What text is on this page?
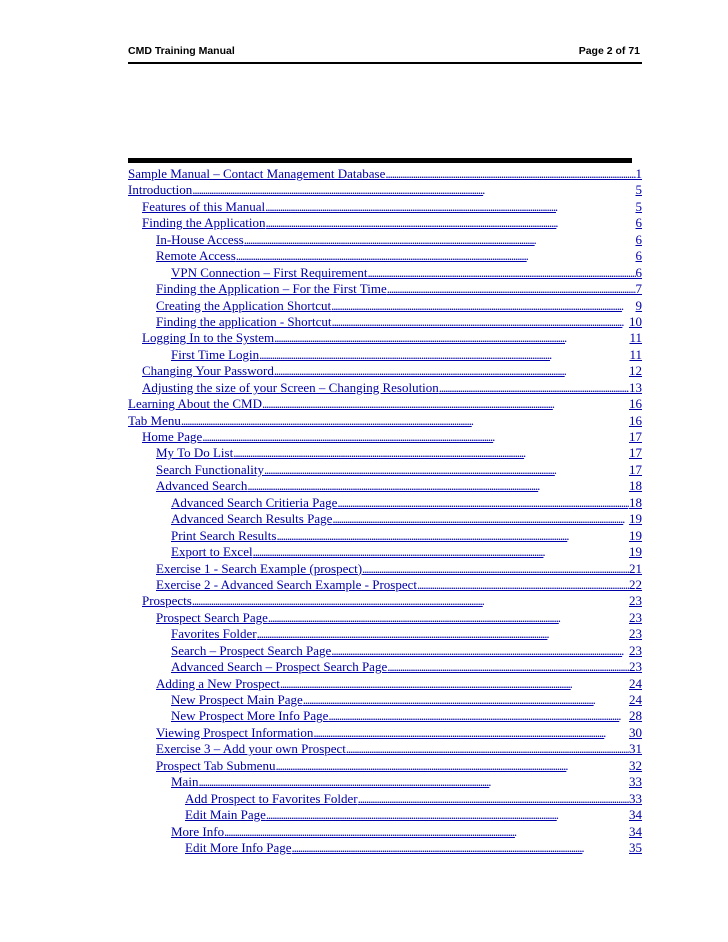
CMD Training Manual	Page 2 of 71
Sample Manual – Contact Management Database . . .	1
Introduction . . .	5
Features of this Manual . . .	5
Finding the Application . . .	6
In-House Access . . .	6
Remote Access . . .	6
VPN Connection – First Requirement . . .	6
Finding the Application – For the First Time . . .	7
Creating the Application Shortcut . . .	9
Finding the application - Shortcut . . .	10
Logging In to the System . . .	11
First Time Login . . .	11
Changing Your Password . . .	12
Adjusting the size of your Screen – Changing Resolution . . .	13
Learning About the CMD . . .	16
Tab Menu . . .	16
Home Page . . .	17
My To Do List . . .	17
Search Functionality . . .	17
Advanced Search . . .	18
Advanced Search Critieria Page . . .	18
Advanced Search Results Page . . .	19
Print Search Results . . .	19
Export to Excel . . .	19
Exercise 1 - Search Example (prospect) . . .	21
Exercise 2 - Advanced Search Example - Prospect . . .	22
Prospects . . .	23
Prospect Search Page . . .	23
Favorites Folder . . .	23
Search – Prospect Search Page . . .	23
Advanced Search – Prospect Search Page . . .	23
Adding a New Prospect . . .	24
New Prospect Main Page . . .	24
New Prospect More Info Page . . .	28
Viewing Prospect Information . . .	30
Exercise 3 – Add your own Prospect . . .	31
Prospect Tab Submenu . . .	32
Main . . .	33
Add Prospect to Favorites Folder . . .	33
Edit Main Page . . .	34
More Info . . .	34
Edit More Info Page . . .	35
